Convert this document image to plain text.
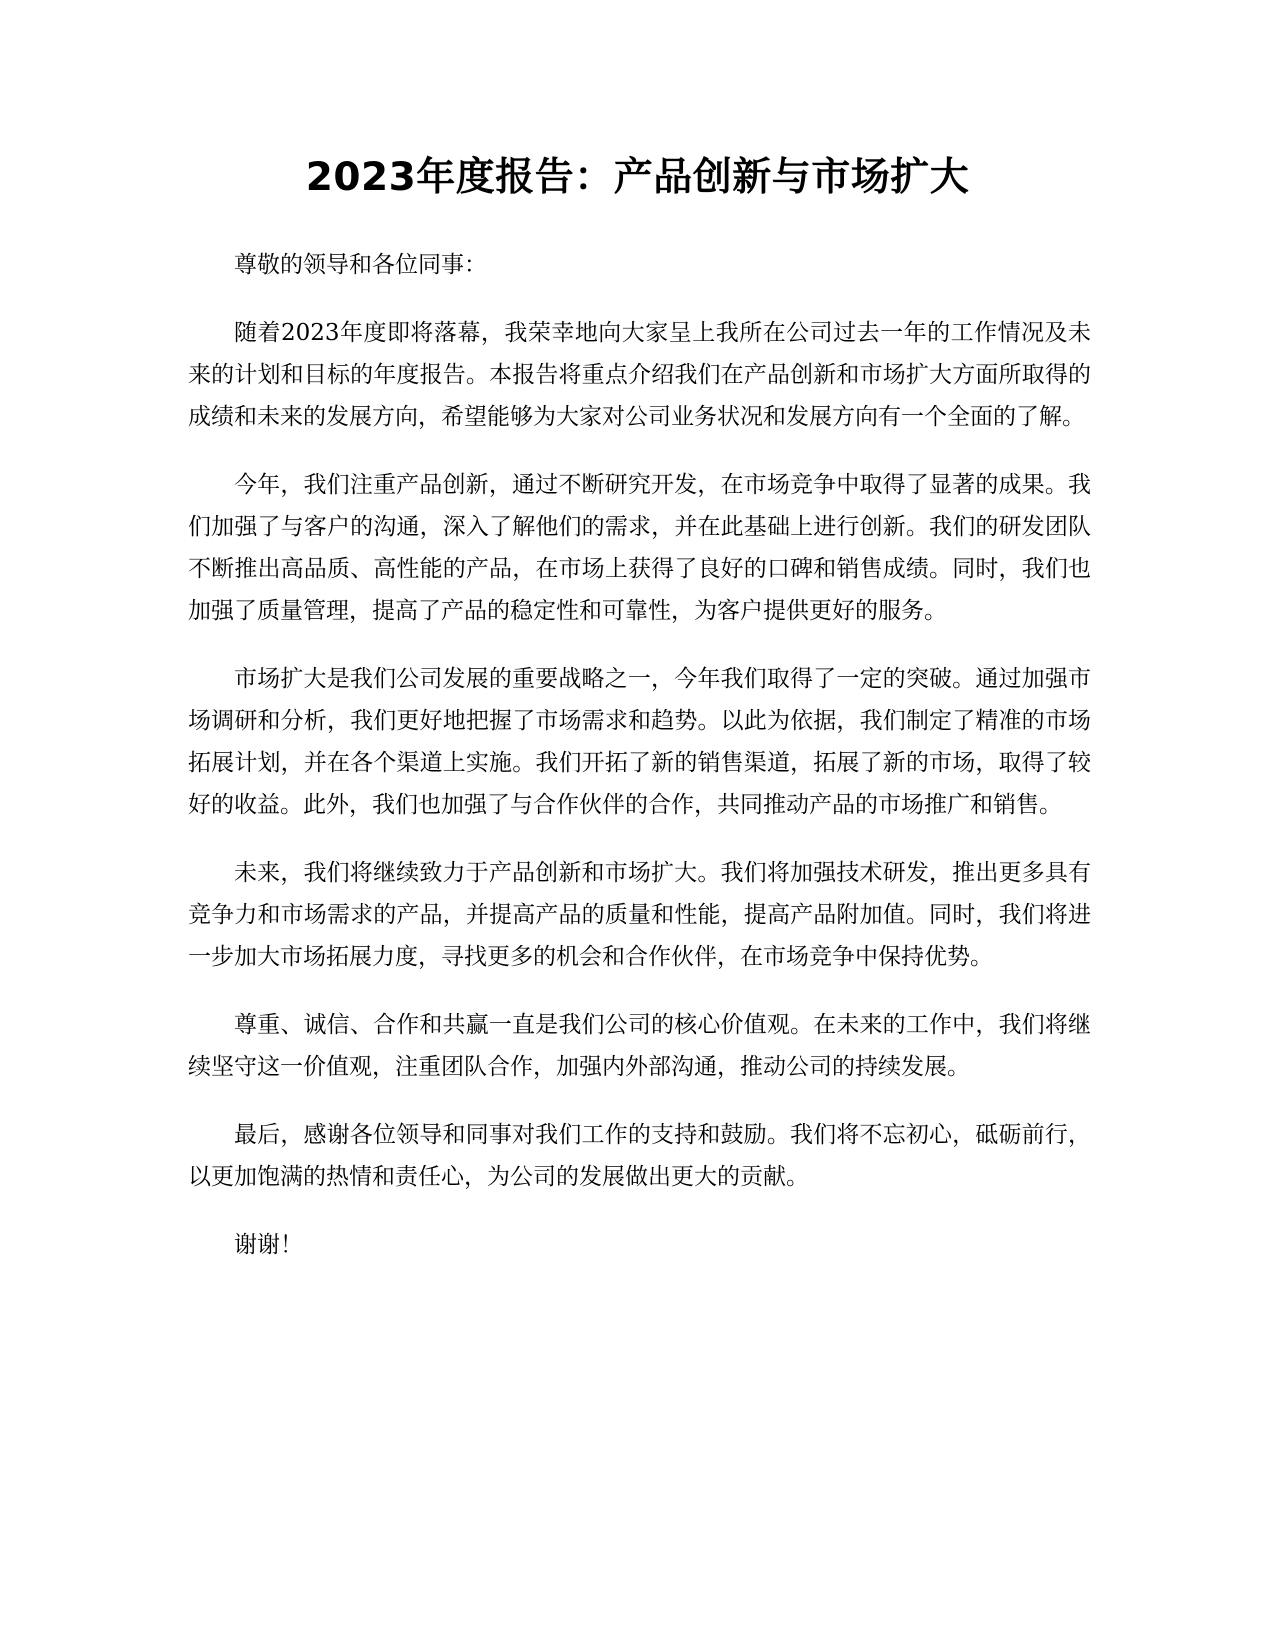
2023年度报告：产品创新与市场扩大

尊敬的领导和各位同事：

随着2023年度即将落幕，我荣幸地向大家呈上我所在公司过去一年的工作情况及未来的计划和目标的年度报告。本报告将重点介绍我们在产品创新和市场扩大方面所取得的成绩和未来的发展方向，希望能够为大家对公司业务状况和发展方向有一个全面的了解。

今年，我们注重产品创新，通过不断研究开发，在市场竞争中取得了显著的成果。我们加强了与客户的沟通，深入了解他们的需求，并在此基础上进行创新。我们的研发团队不断推出高品质、高性能的产品，在市场上获得了良好的口碑和销售成绩。同时，我们也加强了质量管理，提高了产品的稳定性和可靠性，为客户提供更好的服务。

市场扩大是我们公司发展的重要战略之一，今年我们取得了一定的突破。通过加强市场调研和分析，我们更好地把握了市场需求和趋势。以此为依据，我们制定了精准的市场拓展计划，并在各个渠道上实施。我们开拓了新的销售渠道，拓展了新的市场，取得了较好的收益。此外，我们也加强了与合作伙伴的合作，共同推动产品的市场推广和销售。

未来，我们将继续致力于产品创新和市场扩大。我们将加强技术研发，推出更多具有竞争力和市场需求的产品，并提高产品的质量和性能，提高产品附加值。同时，我们将进一步加大市场拓展力度，寻找更多的机会和合作伙伴，在市场竞争中保持优势。

尊重、诚信、合作和共赢一直是我们公司的核心价值观。在未来的工作中，我们将继续坚守这一价值观，注重团队合作，加强内外部沟通，推动公司的持续发展。

最后，感谢各位领导和同事对我们工作的支持和鼓励。我们将不忘初心，砥砺前行，以更加饱满的热情和责任心，为公司的发展做出更大的贡献。

谢谢！
